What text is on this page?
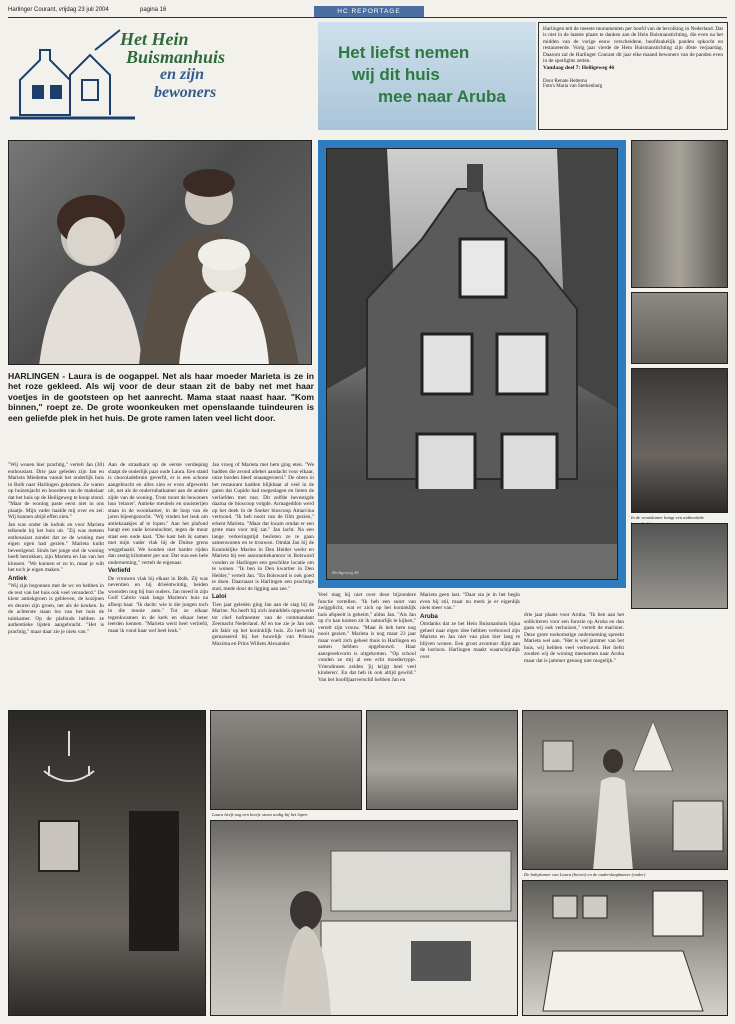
Harlinger Courant, vrijdag 23 juli 2004	pagina 16	HC REPORTAGE
Het Hein
Buismanhuis
en zijn
bewoners
Het liefst nemen
wij dit huis
mee naar Aruba
Harlingen telt de meeste monumenten per hoofd van de bevolking in Nederland. Dat is niet in de laatste plaats te danken aan de Hein Buismanstichting, die even na het midden van de vorige eeuw verscheidene, hoofdzakelijk panden opkocht en restaureerde. Vorig jaar vierde de Hein Buismanstichting zijn 40ste verjaardag. Daarom zal de Harlinger Courant dit jaar elke maand bewoners van de panden even in de spotlights zetten.
Vandaag deel 7: Heiligeweg 46
Door Renate Hetterna
Foto's Maria van Sterkenburg
HARLINGEN - Laura is de oogappel. Net als haar moeder Marieta is ze in het roze gekleed. Als wij voor de deur staan zit de baby net met haar voetjes in de gootsteen op het aanrecht. Mama staat naast haar. "Kom binnen," roept ze. De grote woonkeuken met openslaande tuindeuren is een geliefde plek in het huis. De grote ramen laten veel licht door.
Heiligeweg 46
In de woonkamer hangt een authentieke

"Wij wonen hier prachtig," vertelt Jan (30) enthousiast. Drie jaar geleden zijn Jan en Marieta Miedema vanuit het onderlijk huis in Bolk naar Harlingen gekomen. Ze waren op huizenjacht en hoorden van de makelaar dat het huis op de Heiligeweg te koop stond. "Maar de woning paste eerst niet in ons plaatje. Mijn vader haalde mij over en zei: Wij kunnen altijd effen zien."

Jan was onder de indruk en voor Marieta telkende hij het huis uit. "Zij was meteen enthousiast zonder dat ze de woning met eigen ogen had gezien." Marieta kuikt bevestigend. Sinds het jonge stel de woning heeft betrokken, zijn Marieta en Jan van het klussen. "We kunnen er zo in, maar je wilt het toch je eigen maken."

Antiek

"Wij zijn begonnen met de wc en hebben in de rest van het huis ook veel veranderd." De kleur antiekgroen is gebleven, de kozijnen en deuren zijn groen, net als de keuken. In de achterste staan los van het huis de tuinkamer. Op de plafonds hebben ze authentieke lijsten aangebracht. "Het is prachtig," maar daar zie je niets van."

Aan de straatkant op de eerste verdieping slaapt de ouderlijk paar oude Laura. Een stand is chocoladebruin geverfd, er is een schone aangebracht en alles zien er even afgewerkt uit, net als de onderrubatkamer aan de andere zijde van de woning. Trots toont de bewoners hun 'relaxer'. Antieke meubels en snuisterijen staan in de woonkamer, in de loop van de jaren bijeengezocht. "Wij vinden het leuk om antiekzaakjes af te lopen." Aan het plafond hangt een oude kroonluchter, tegen de muur staat een oude kast. "Die kast heb ik samen met mijn vader vlak bij de Duitse grens weggehaald. We konden niet harder rijden dan zestig kilometer per uur. Dat was een hele onderneming," vertelt de eigenaar.

Verliefd

De vrouwen vlak bij elkaar in Bolk. Zij was neventien en hij drieëntwintig, beiden woonden nog bij hun ouders. Jan meed in zijn Golf Cabrio vaak langs Marieta's huis na afloop haar. "Ik dacht: wie is die jongen toch in die mooie auto." Tot ze elkaar tegenkwamen in de kerk en elkaar beter leerden kennen. "Marieta werd heel verliefd, maar ik vond haar wel heel leuk."

Jan vroeg of Marieta met hem ging eten. "We hadden die avond allebei aandacht voor elkaar, onze borden bleef onaangeroerd." De obers in het restaurant hadden blijkbaar al veel in de gaten dat Cupido had toegeslagen en lieten de verliefden met rust. Dit zelfde bevestigde daarna de bioscoop volgde. Armageddon werd op het doek in de Sneker bioscoop Amarcina vertoond. "Ik heb nooit van de film gezien," erkent Marieta. "Maar dat kwam omdat er een grote man voor mij zat." Jan lacht. Na een lange verkeringstijd besloten ze te gaan samenwonen en te trouwen. Omdat Jan bij de Koninklijke Marine in Den Helder werkt en Marieta bij een assurantiekantoor in Bolsward vonden ze Harlingen een geschikte locatie om te wonen. "Ik ben in Den kwartier in Den Helder," vertelt Jan. "En Bolsward is ook goed te doen. Daarnaast is Harlingen een prachtige stad, mede door de ligging aan zee."

Laloi

Tien jaar geleden ging Jan aan de slag bij de Marine. Na heeft hij zich inmiddels opgewerkt tot chef hofmeester van de commandant Zeemacht Nederland. Af en toe zie je Jan ook als fakir op het koninklijk huis. Zo heeft hij gemasseerd bij het huwelijk van Prinses Maxima en Prins Willem Alexander.

Veel mag hij niet over deze bijzondere functie vertellen. "Ik heb een soort van zwijgplicht, wat er zich op het koninklijk huis afspeelt is geheim," aldus Jan. "Als Jan op z'n kan komen zit ik natuurlijk te kijken," vertelt zijn vrouw. "Maar ik heb hem nog nooit gezien." Marieta is nog maar 23 jaar maar voelt zich geheel thuis in Harlingen en samen hebben opgebouwd. Haar aanspreekvorm is uitgekomen. "Op school vonden ze mij al een echt moedertypje. Vriendinnen zeiden 'jij krijgt heel veel kinderen'. En dat heb ik ook altijd gewild." Van het hoofdjaarverschil hebben Jan en

Marieta geen last. "Daar sta je in het begin even bij stil, maar nu merk je er eigenlijk niets meer van."

Aruba

Omdanks dat ze het Hein Buismanhuis bijna geheel naar eigen idee hebben verbouwd zijn Marieta en Jan niet van plan hier lang te blijven wonen. Een groot avontuur dijnt aan de horizon. Harlingen maakt waarschijnlijk over

drie jaar plaats voor Aruba. "Ik ben aan het solliciteren voor een functie op Aruba en dan gaan wij ook verhuizen," vertelt de marinier. Deze grote toekomstige onderneming spreekt Marieta wel aan. "Het is wel jammer van het huis, wij hebben veel verbouwd. Het liefst zouden wij de woning meenemen naar Aruba maar dat is jammer genoeg niet mogelijk."

Laura heeft nog een beetje steun nodig bij het lopen
De babykamer van Laura (boven) en de ouderslaapkamer (onder)
